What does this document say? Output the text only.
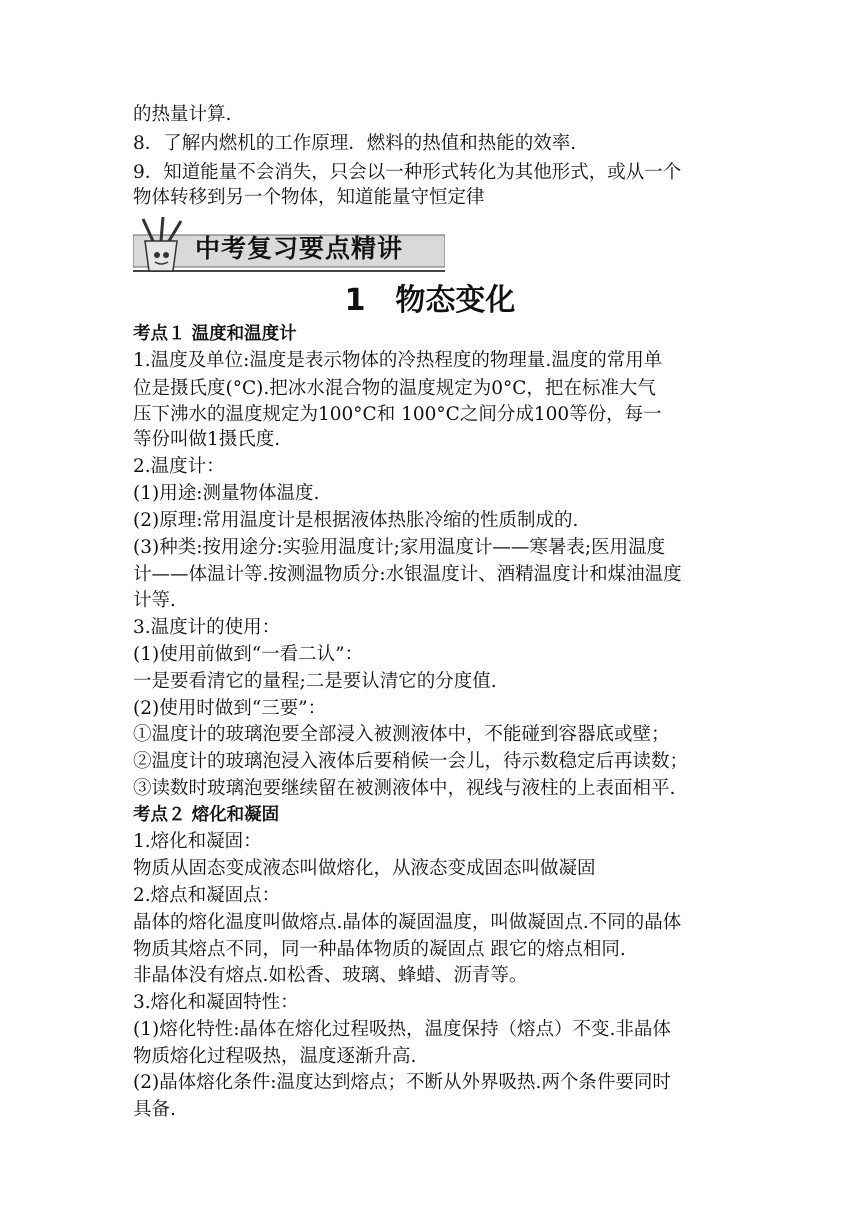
的热量计算.
8．了解内燃机的工作原理．燃料的热值和热能的效率.
9．知道能量不会消失，只会以一种形式转化为其他形式，或从一个
物体转移到另一个物体，知道能量守恒定律
中考复习要点精讲
1　物态变化
考点１ 温度和温度计
1.温度及单位:温度是表示物体的冷热程度的物理量.温度的常用单
位是摄氏度(°C).把冰水混合物的温度规定为0°C，把在标准大气
压下沸水的温度规定为100°C和 100°C之间分成100等份，每一
等份叫做1摄氏度.
2.温度计：
(1)用途:测量物体温度.
(2)原理:常用温度计是根据液体热胀冷缩的性质制成的.
(3)种类:按用途分:实验用温度计;家用温度计——寒暑表;医用温度
计——体温计等.按测温物质分:水银温度计、酒精温度计和煤油温度
计等.
3.温度计的使用：
(1)使用前做到“一看二认”：
一是要看清它的量程;二是要认清它的分度值.
(2)使用时做到“三要”：
①温度计的玻璃泡要全部浸入被测液体中，不能碰到容器底或壁；
②温度计的玻璃泡浸入液体后要稍候一会儿，待示数稳定后再读数；
③读数时玻璃泡要继续留在被测液体中，视线与液柱的上表面相平.
考点２ 熔化和凝固
1.熔化和凝固：
物质从固态变成液态叫做熔化，从液态变成固态叫做凝固
2.熔点和凝固点：
晶体的熔化温度叫做熔点.晶体的凝固温度，叫做凝固点.不同的晶体
物质其熔点不同，同一种晶体物质的凝固点 跟它的熔点相同.
非晶体没有熔点.如松香、玻璃、蜂蜡、沥青等。
3.熔化和凝固特性：
(1)熔化特性:晶体在熔化过程吸热，温度保持（熔点）不变.非晶体
物质熔化过程吸热，温度逐渐升高.
(2)晶体熔化条件:温度达到熔点；不断从外界吸热.两个条件要同时
具备.
